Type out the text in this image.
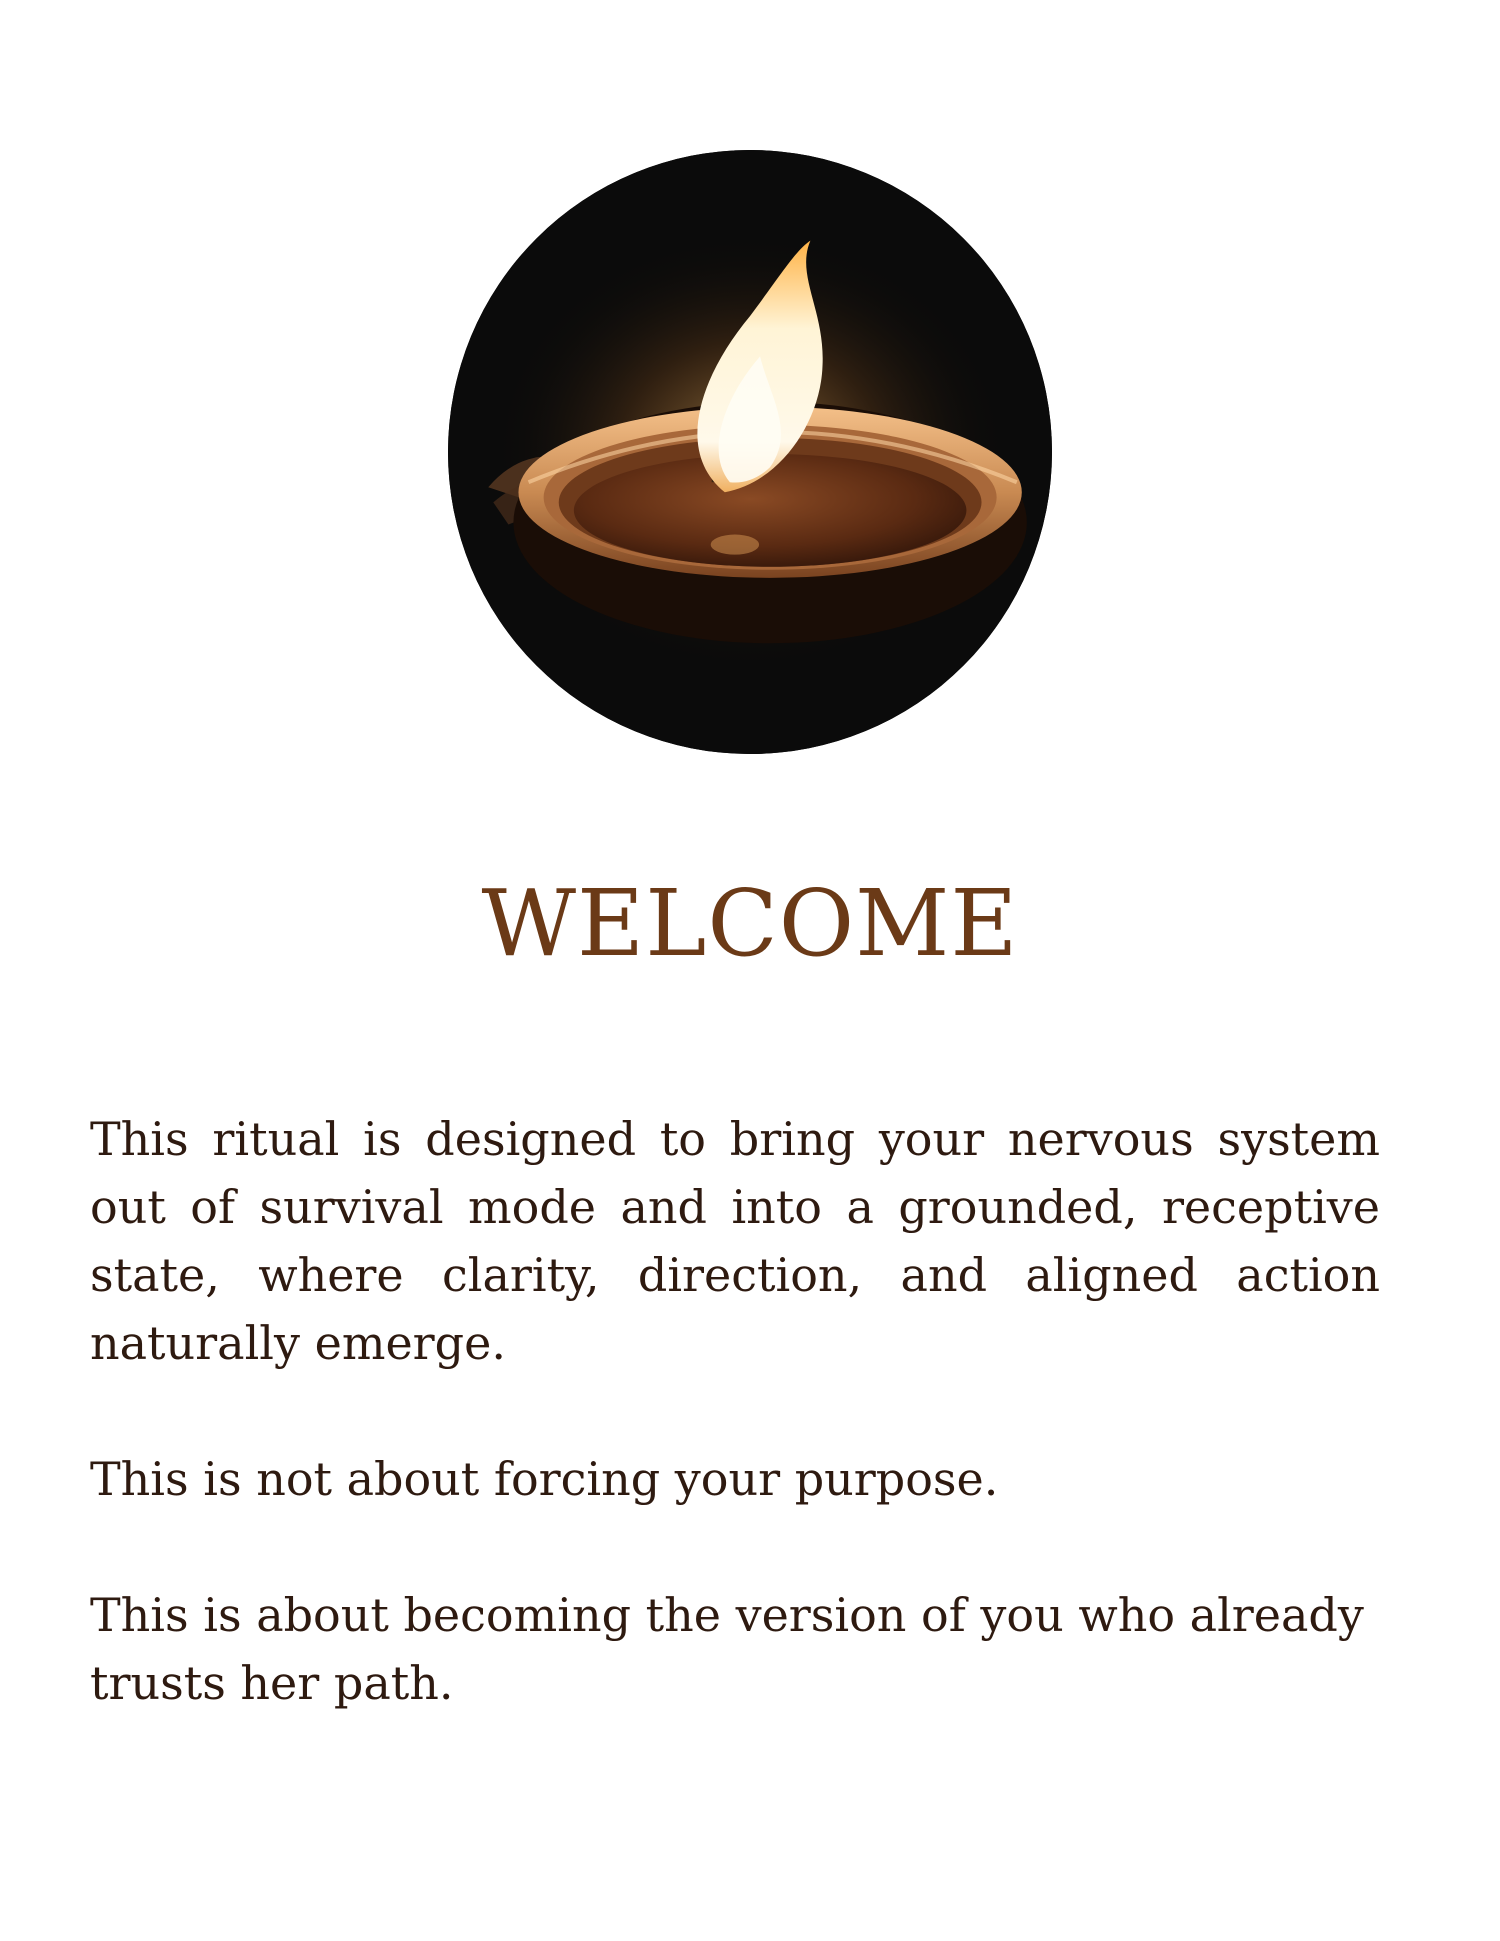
WELCOME

This ritual is designed to bring your nervous system out of survival mode and into a grounded, receptive state, where clarity, direction, and aligned action naturally emerge.

This is not about forcing your purpose.

This is about becoming the version of you who already trusts her path.
